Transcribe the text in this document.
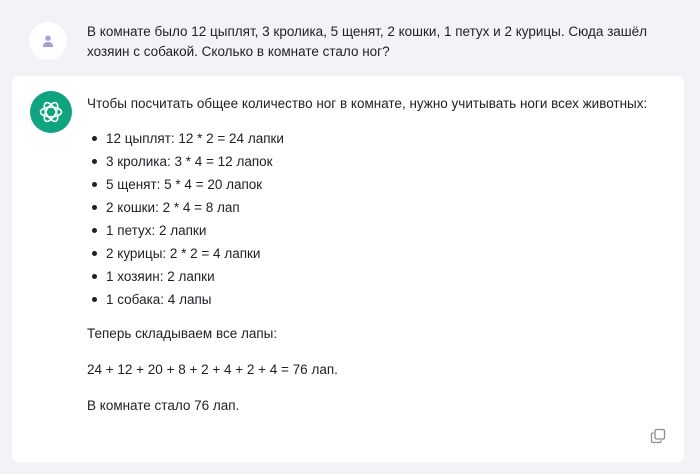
В комнате было 12 цыплят, 3 кролика, 5 щенят, 2 кошки, 1 петух и 2 курицы. Сюда зашёл хозяин с собакой. Сколько в комнате стало ног?

Чтобы посчитать общее количество ног в комнате, нужно учитывать ноги всех животных:

12 цыплят: 12 * 2 = 24 лапки
3 кролика: 3 * 4 = 12 лапок
5 щенят: 5 * 4 = 20 лапок
2 кошки: 2 * 4 = 8 лап
1 петух: 2 лапки
2 курицы: 2 * 2 = 4 лапки
1 хозяин: 2 лапки
1 собака: 4 лапы

Теперь складываем все лапы:

24 + 12 + 20 + 8 + 2 + 4 + 2 + 4 = 76 лап.

В комнате стало 76 лап.
